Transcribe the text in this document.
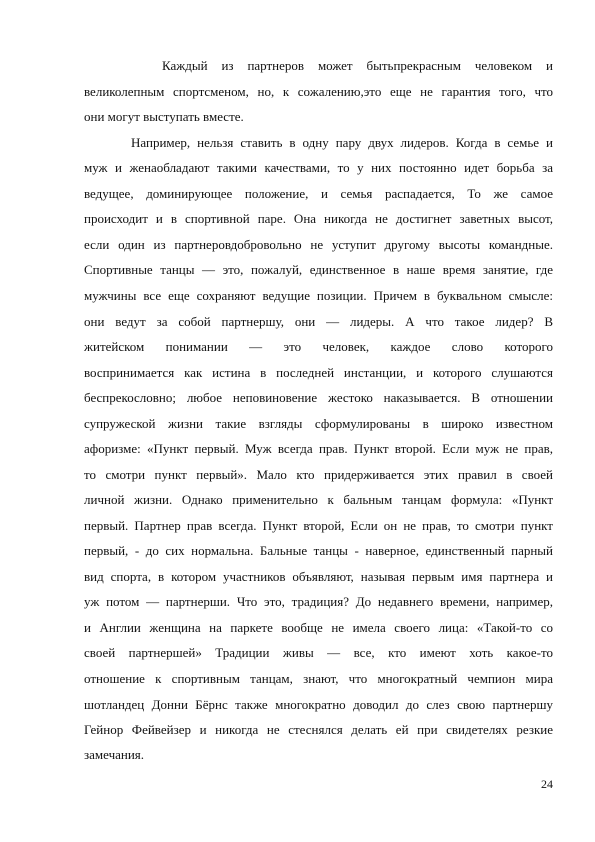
Каждый из партнеров может бытьпрекрасным человеком и
великолепным спортсменом, но, к сожалению,это еще не гарантия того, что
они могут выступать вместе.
Например, нельзя ставить в одну пару двух лидеров. Когда в семье и
муж и женаобладают такими качествами, то у них постоянно идет борьба за
ведущее, доминирующее положение, и семья распадается, То же самое
происходит и в спортивной паре. Она никогда не достигнет заветных высот,
если один из партнеровдобровольно не уступит другому высоты командные.
Спортивные танцы — это, пожалуй, единственное в наше время занятие, где
мужчины все еще сохраняют ведущие позиции. Причем в буквальном смысле:
они ведут за собой партнершу, они — лидеры. А что такое лидер? В
житейском понимании — это человек, каждое слово которого
воспринимается как истина в последней инстанции, и которого слушаются
беспрекословно; любое неповиновение жестоко наказывается. В отношении
супружеской жизни такие взгляды сформулированы в широко известном
афоризме: «Пункт первый. Муж всегда прав. Пункт второй. Если муж не прав,
то смотри пункт первый». Мало кто придерживается этих правил в своей
личной жизни. Однако применительно к бальным танцам формула: «Пункт
первый. Партнер прав всегда. Пункт второй, Если он не прав, то смотри пункт
первый, - до сих нормальна. Бальные танцы - наверное, единственный парный
вид спорта, в котором участников объявляют, называя первым имя партнера и
уж потом — партнерши. Что это, традиция? До недавнего времени, например,
и Англии женщина на паркете вообще не имела своего лица: «Такой-то со
своей партнершей» Традиции живы — все, кто имеют хоть какое-то
отношение к спортивным танцам, знают, что многократный чемпион мира
шотландец Донни Бёрнс также многократно доводил до слез свою партнершу
Гейнор Фейвейзер и никогда не стеснялся делать ей при свидетелях резкие
замечания.
24
